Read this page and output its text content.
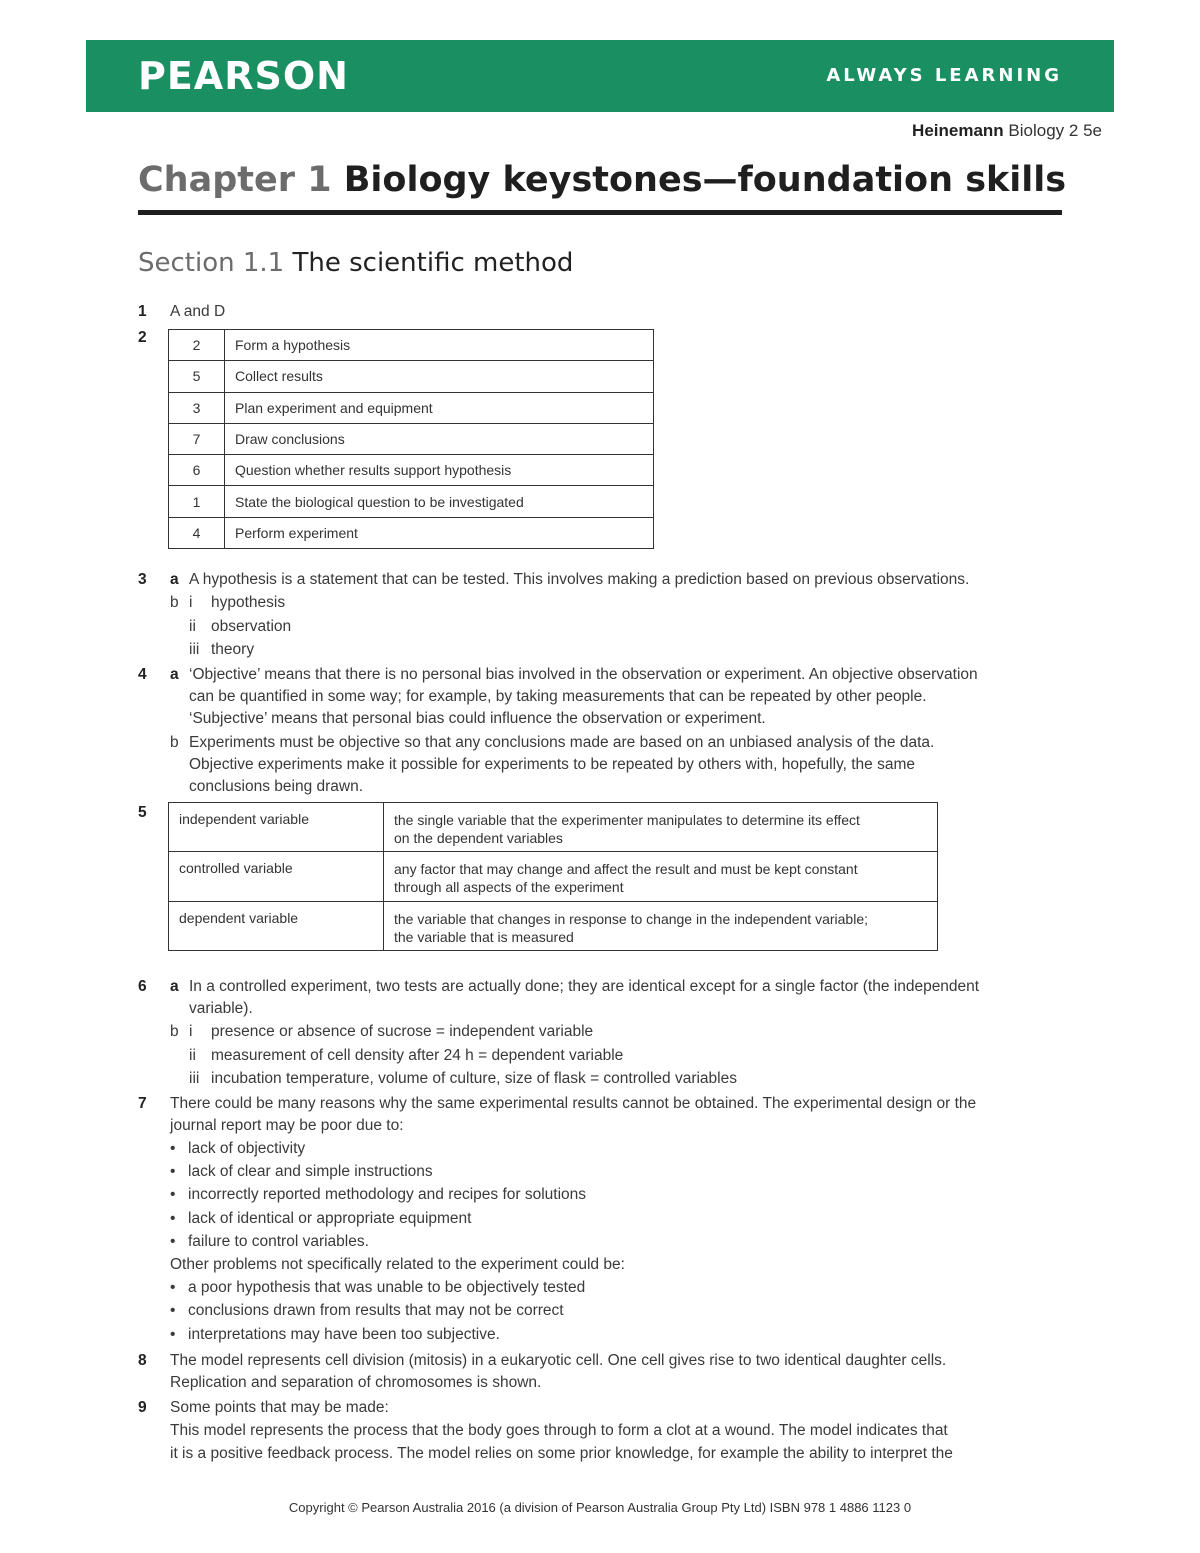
PEARSON	ALWAYS LEARNING
Heinemann Biology 2 5e
Chapter 1 Biology keystones—foundation skills
Section 1.1 The scientific method
1 A and D
2	2	Form a hypothesis
5	Collect results
3	Plan experiment and equipment
7	Draw conclusions
6	Question whether results support hypothesis
1	State the biological question to be investigated
4	Perform experiment
3 a A hypothesis is a statement that can be tested. This involves making a prediction based on previous observations.
b i hypothesis
ii observation
iii theory
4 a ‘Objective’ means that there is no personal bias involved in the observation or experiment. An objective observation
can be quantified in some way; for example, by taking measurements that can be repeated by other people.
‘Subjective’ means that personal bias could influence the observation or experiment.
b Experiments must be objective so that any conclusions made are based on an unbiased analysis of the data.
Objective experiments make it possible for experiments to be repeated by others with, hopefully, the same
conclusions being drawn.
5 independent variable	the single variable that the experimenter manipulates to determine its effect
on the dependent variables

controlled variable	any factor that may change and affect the result and must be kept constant
through all aspects of the experiment

dependent variable	the variable that changes in response to change in the independent variable;
the variable that is measured
6 a In a controlled experiment, two tests are actually done; they are identical except for a single factor (the independent
variable).
b i presence or absence of sucrose = independent variable
ii measurement of cell density after 24 h = dependent variable
iii incubation temperature, volume of culture, size of flask = controlled variables
7 There could be many reasons why the same experimental results cannot be obtained. The experimental design or the
journal report may be poor due to:
• lack of objectivity
• lack of clear and simple instructions
• incorrectly reported methodology and recipes for solutions
• lack of identical or appropriate equipment
• failure to control variables.
Other problems not specifically related to the experiment could be:
• a poor hypothesis that was unable to be objectively tested
• conclusions drawn from results that may not be correct
• interpretations may have been too subjective.
8 The model represents cell division (mitosis) in a eukaryotic cell. One cell gives rise to two identical daughter cells.
Replication and separation of chromosomes is shown.
9 Some points that may be made:
This model represents the process that the body goes through to form a clot at a wound. The model indicates that
it is a positive feedback process. The model relies on some prior knowledge, for example the ability to interpret the
Copyright © Pearson Australia 2016 (a division of Pearson Australia Group Pty Ltd) ISBN 978 1 4886 1123 0
